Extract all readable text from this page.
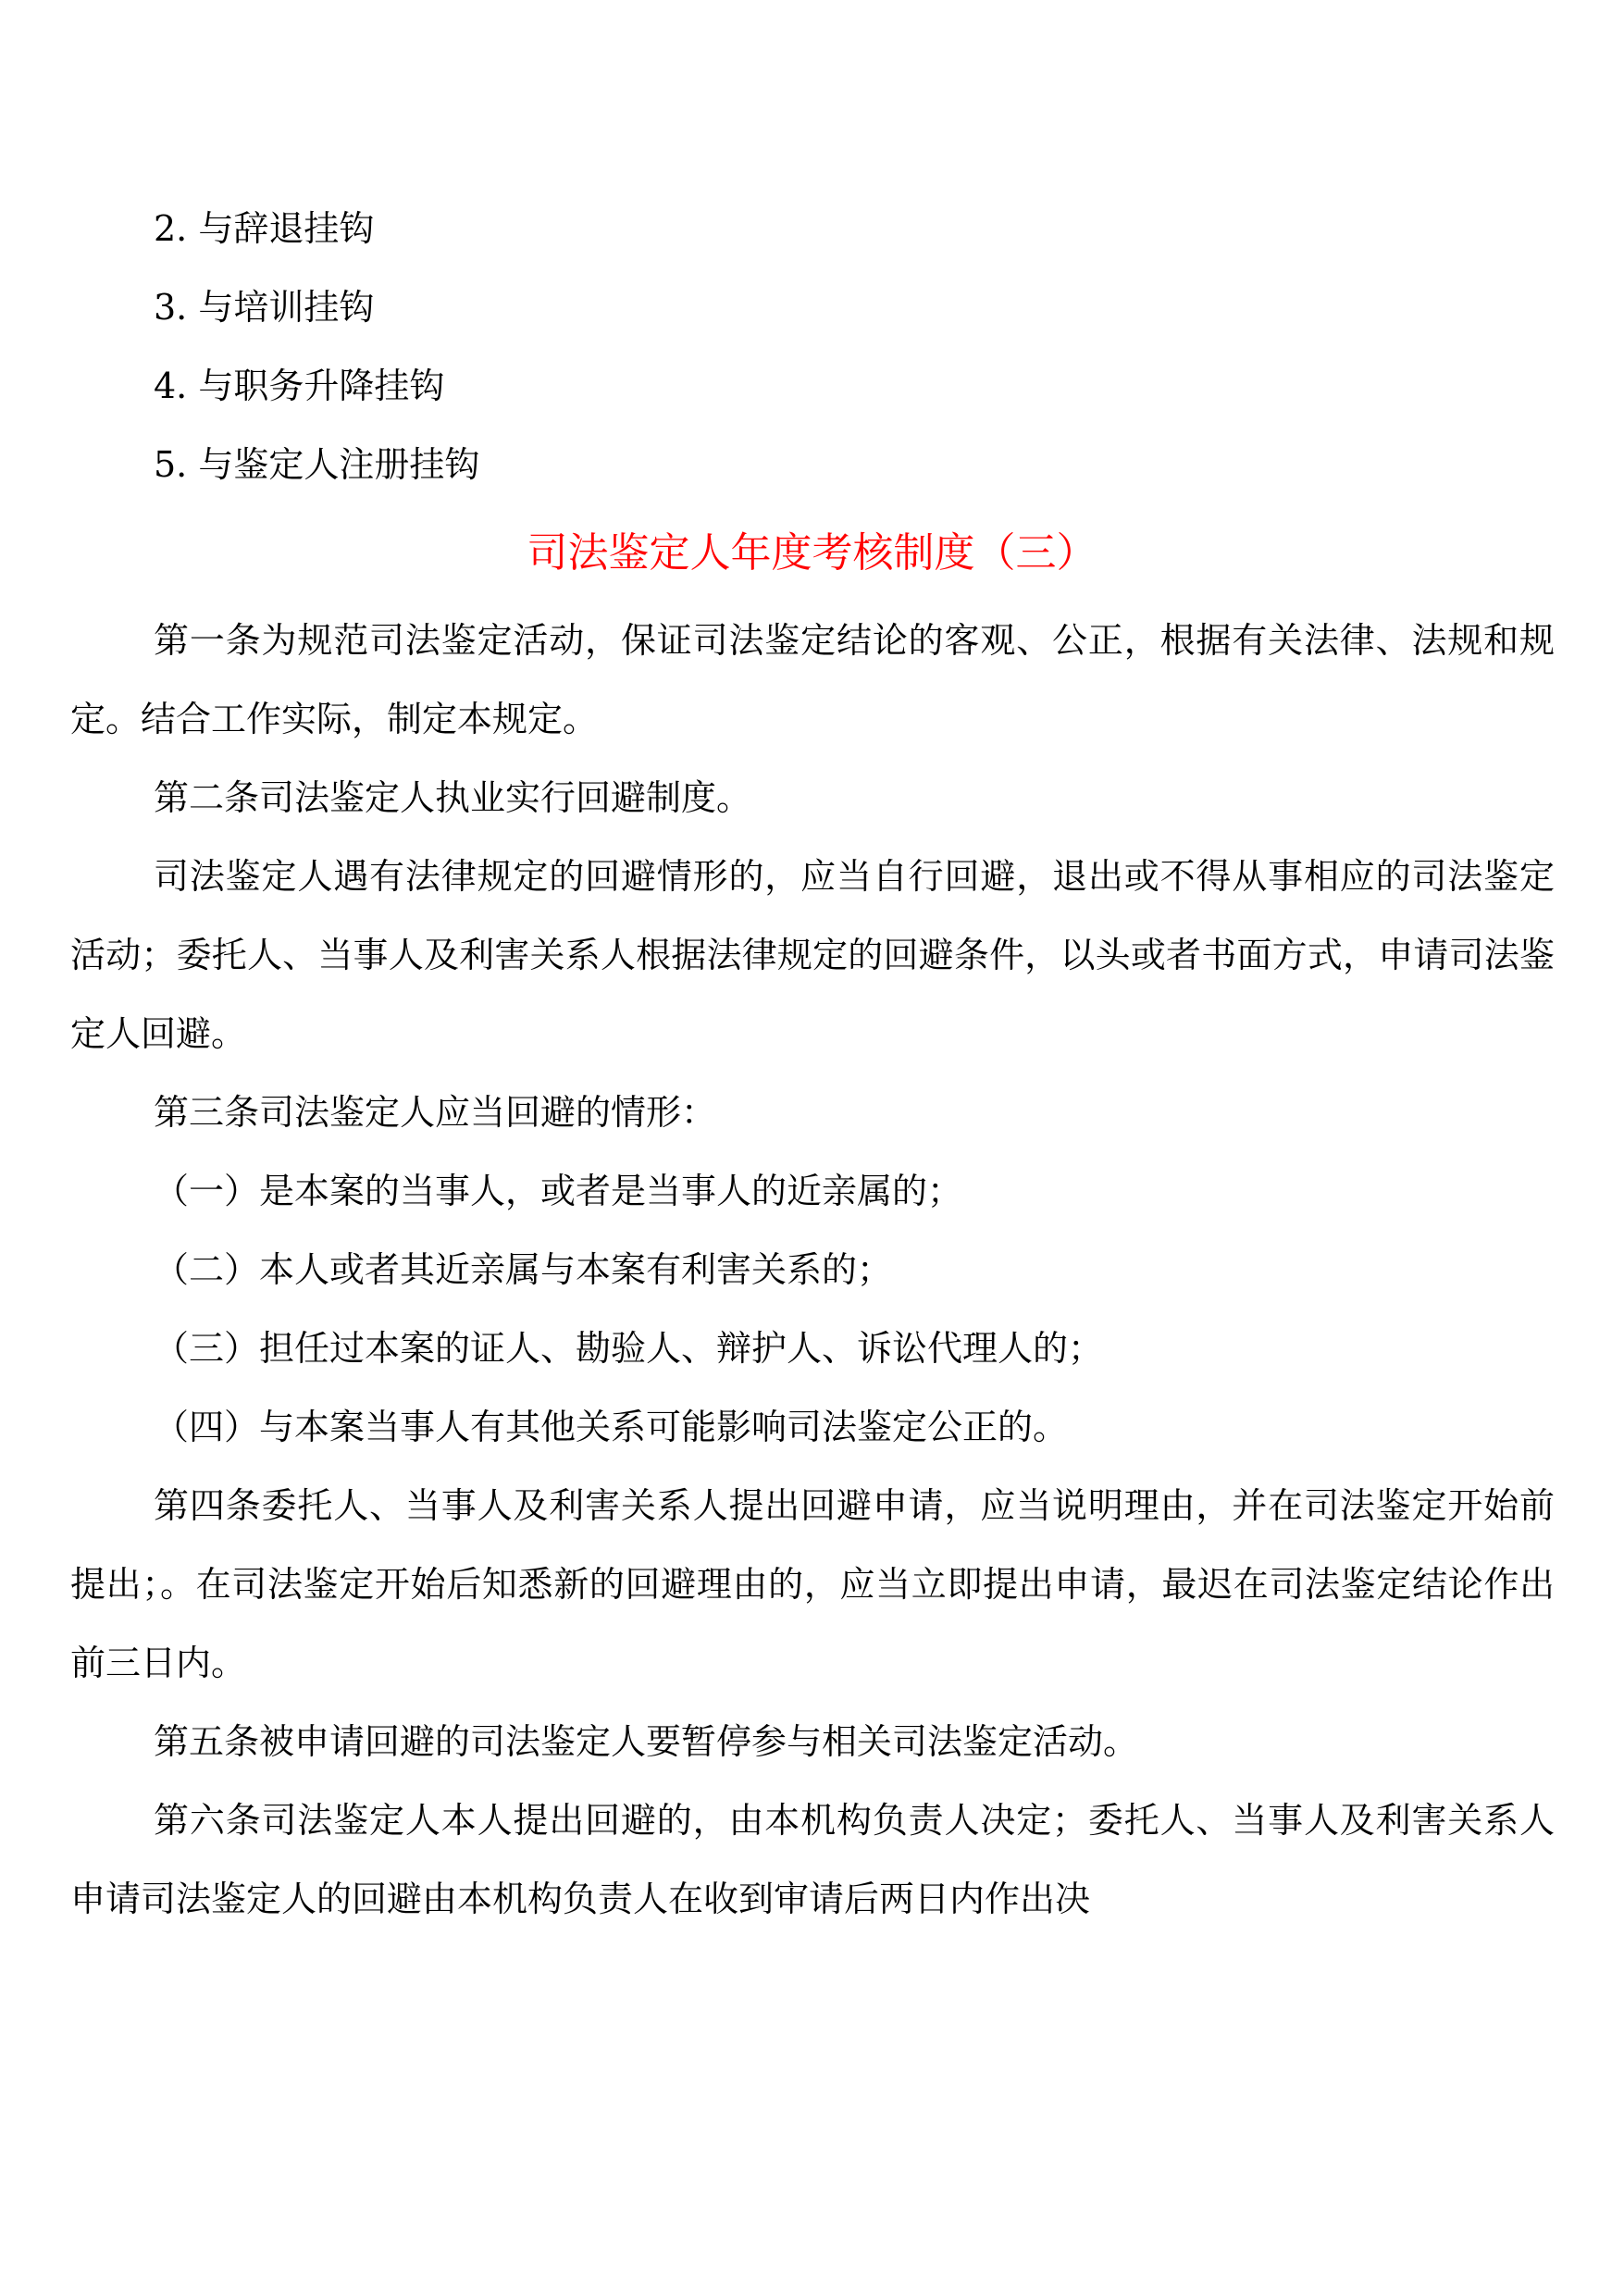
2. 与辞退挂钩
3. 与培训挂钩
4. 与职务升降挂钩
5. 与鉴定人注册挂钩
司法鉴定人年度考核制度（三）

第一条为规范司法鉴定活动，保证司法鉴定结论的客观、公正，根据有关法律、法规和规定。结合工作实际，制定本规定。

第二条司法鉴定人执业实行回避制度。

司法鉴定人遇有法律规定的回避情形的，应当自行回避，退出或不得从事相应的司法鉴定活动；委托人、当事人及利害关系人根据法律规定的回避条件，以头或者书面方式，申请司法鉴定人回避。

第三条司法鉴定人应当回避的情形：

（一）是本案的当事人，或者是当事人的近亲属的；
（二）本人或者其近亲属与本案有利害关系的；
（三）担任过本案的证人、勘验人、辩护人、诉讼代理人的；
（四）与本案当事人有其他关系可能影响司法鉴定公正的。

第四条委托人、当事人及利害关系人提出回避申请，应当说明理由，并在司法鉴定开始前提出；。在司法鉴定开始后知悉新的回避理由的，应当立即提出申请，最迟在司法鉴定结论作出前三日内。

第五条被申请回避的司法鉴定人要暂停参与相关司法鉴定活动。

第六条司法鉴定人本人提出回避的，由本机构负责人决定；委托人、当事人及利害关系人申请司法鉴定人的回避由本机构负责人在收到审请后两日内作出决
